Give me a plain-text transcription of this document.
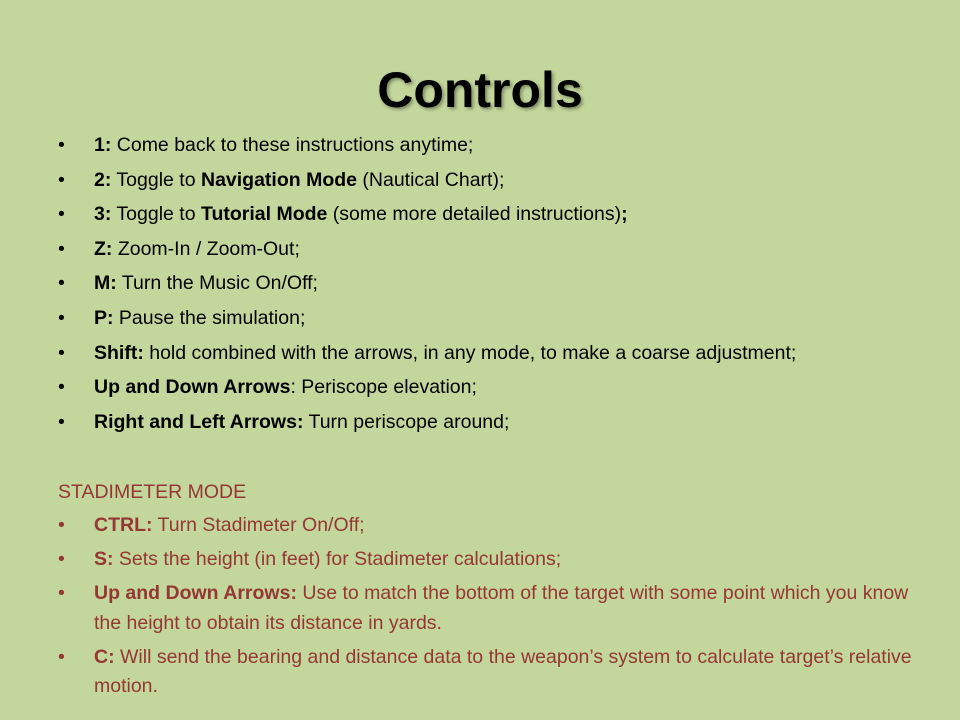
Controls
• 1: Come back to these instructions anytime;
• 2: Toggle to Navigation Mode (Nautical Chart);
• 3: Toggle to Tutorial Mode (some more detailed instructions);
• Z: Zoom-In / Zoom-Out;
• M: Turn the Music On/Off;
• P: Pause the simulation;
• Shift: hold combined with the arrows, in any mode, to make a coarse adjustment;
• Up and Down Arrows: Periscope elevation;
• Right and Left Arrows: Turn periscope around;
STADIMETER MODE
• CTRL: Turn Stadimeter On/Off;
• S: Sets the height (in feet) for Stadimeter calculations;
• Up and Down Arrows: Use to match the bottom of the target with some point which you know the height to obtain its distance in yards.
• C: Will send the bearing and distance data to the weapon’s system to calculate target’s relative motion.
